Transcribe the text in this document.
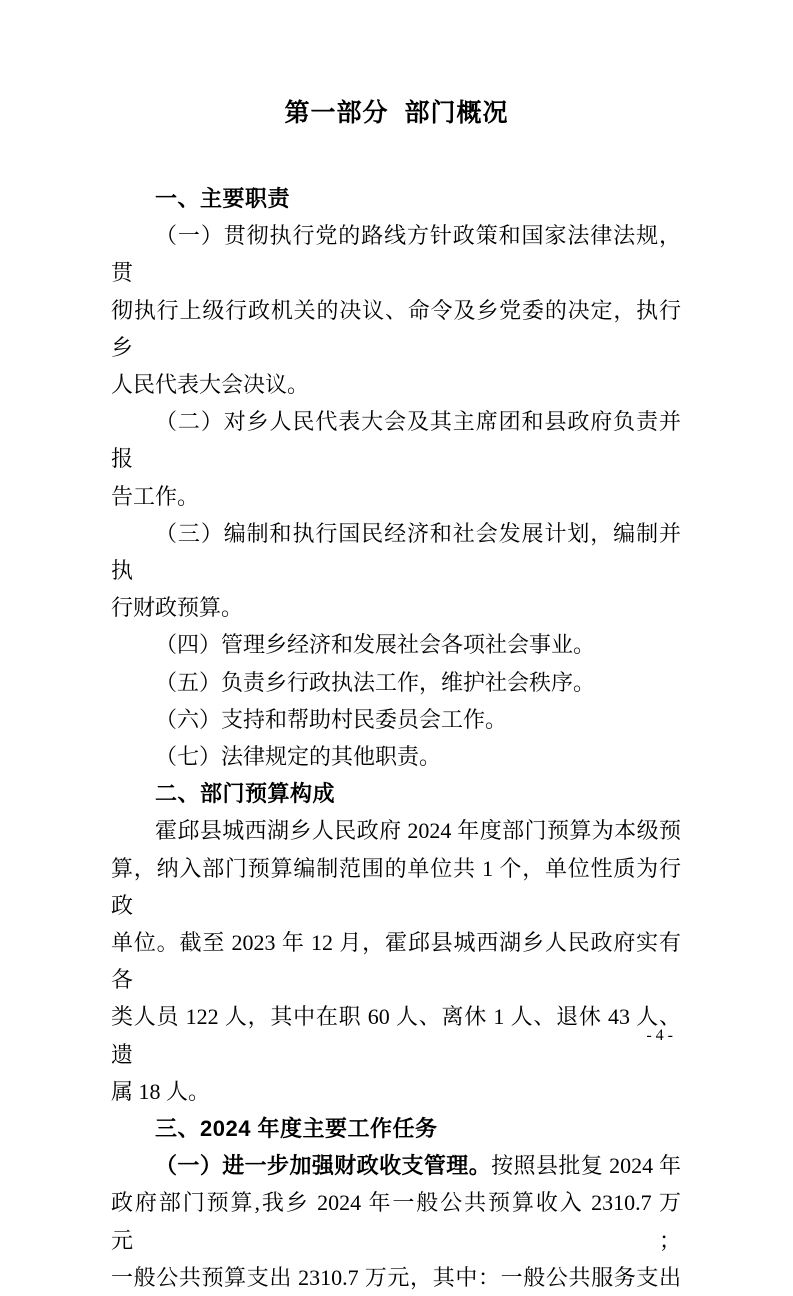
第一部分  部门概况
一、主要职责
（一）贯彻执行党的路线方针政策和国家法律法规，贯
彻执行上级行政机关的决议、命令及乡党委的决定，执行乡
人民代表大会决议。
（二）对乡人民代表大会及其主席团和县政府负责并报
告工作。
（三）编制和执行国民经济和社会发展计划，编制并执
行财政预算。
（四）管理乡经济和发展社会各项社会事业。
（五）负责乡行政执法工作，维护社会秩序。
（六）支持和帮助村民委员会工作。
（七）法律规定的其他职责。
二、部门预算构成
霍邱县城西湖乡人民政府 2024 年度部门预算为本级预
算，纳入部门预算编制范围的单位共 1 个，单位性质为行政
单位。截至 2023 年 12 月，霍邱县城西湖乡人民政府实有各
类人员 122 人，其中在职 60 人、离休 1 人、退休 43 人、遗
属 18 人。
三、2024 年度主要工作任务
（一）进一步加强财政收支管理。按照县批复 2024 年
政府部门预算,我乡 2024 年一般公共预算收入 2310.7 万元；
一般公共预算支出 2310.7 万元，其中：一般公共服务支出
- 4 -
